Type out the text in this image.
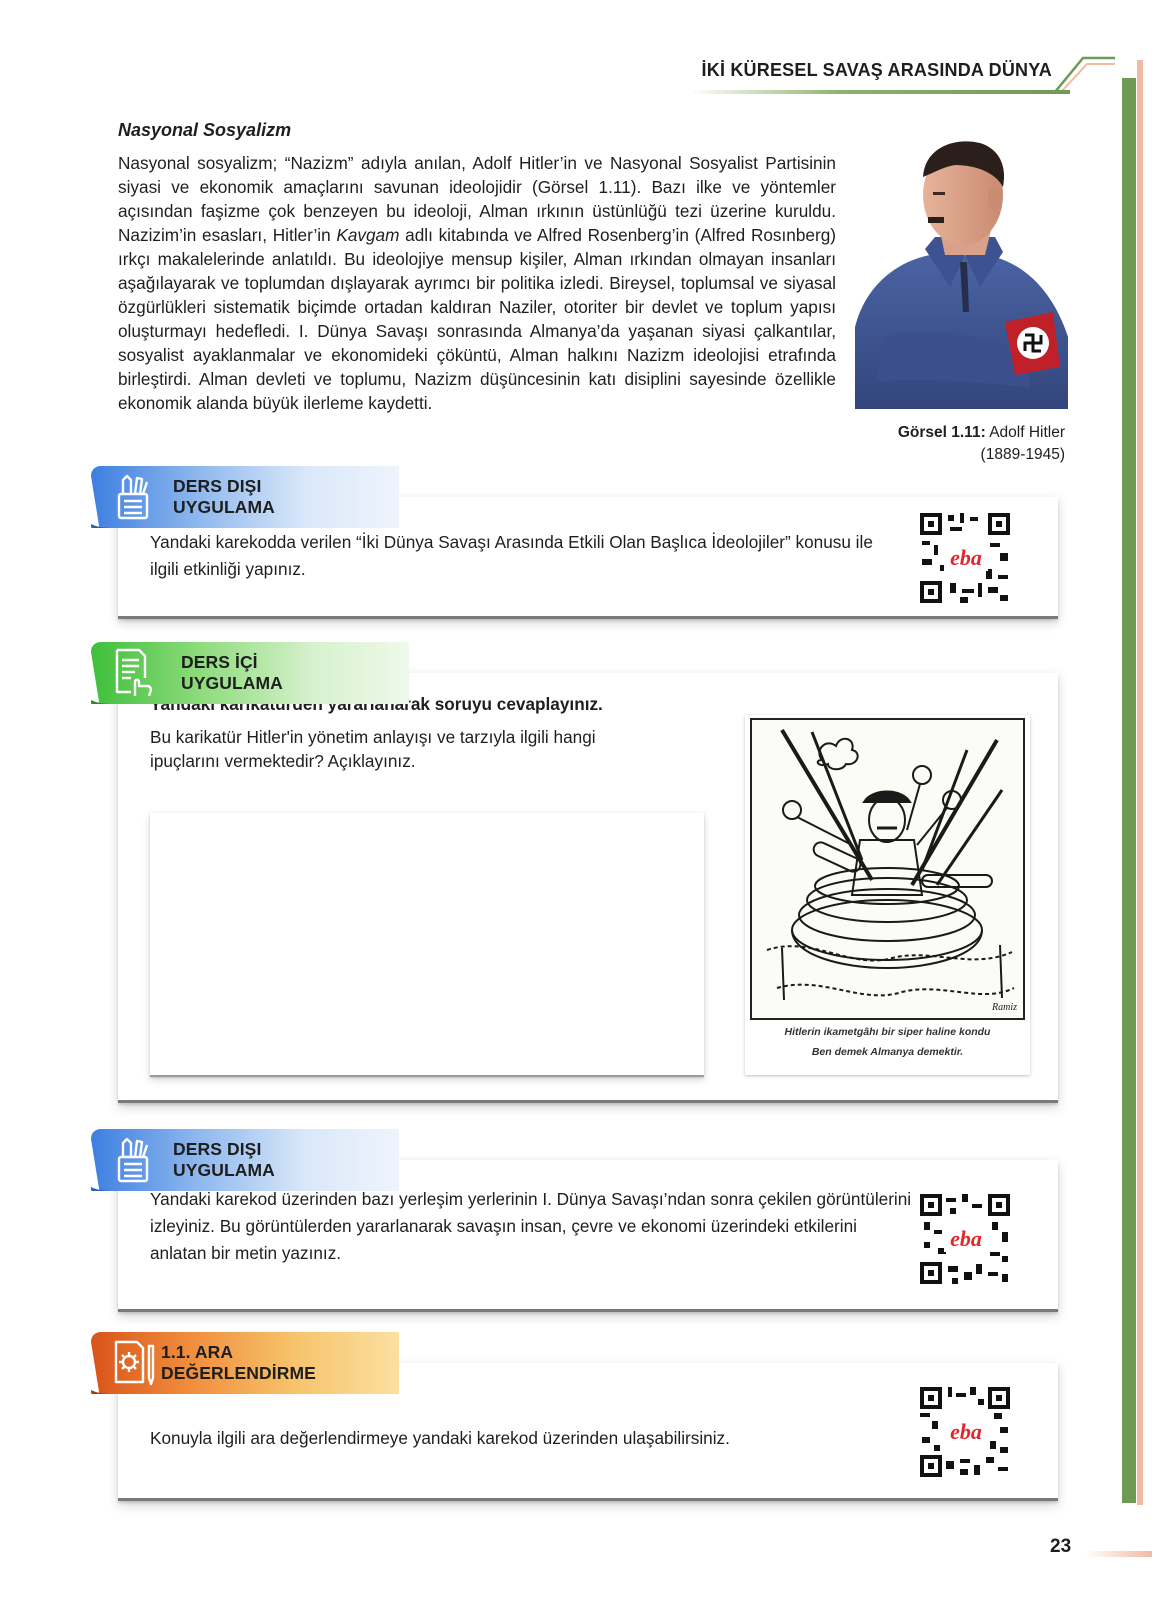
İKİ KÜRESEL SAVAŞ ARASINDA DÜNYA
Nasyonal Sosyalizm

Nasyonal sosyalizm; “Nazizm” adıyla anılan, Adolf Hitler’in ve Nasyonal Sosyalist Partisinin siyasi ve ekonomik amaçlarını savunan ideolojidir (Görsel 1.11). Bazı ilke ve yöntemler açısından faşizme çok benzeyen bu ideoloji, Alman ırkının üstünlüğü tezi üzerine kuruldu. Nazizim’in esasları, Hitler’in Kavgam adlı kitabında ve Alfred Rosenberg’in (Alfred Rosınberg) ırkçı makalelerinde anlatıldı. Bu ideolojiye mensup kişiler, Alman ırkından olmayan insanları aşağılayarak ve toplumdan dışlayarak ayrımcı bir politika izledi. Bireysel, toplumsal ve siyasal özgürlükleri sistematik biçimde ortadan kaldıran Naziler, otoriter bir devlet ve toplum yapısı oluşturmayı hedefledi. I. Dünya Savaşı sonrasında Almanya’da yaşanan siyasi çalkantılar, sosyalist ayaklanmalar ve ekonomideki çöküntü, Alman halkını Nazizm ideolojisi etrafında birleştirdi. Alman devleti ve toplumu, Nazizm düşüncesinin katı disiplini sayesinde özellikle ekonomik alanda büyük ilerleme kaydetti.

Görsel 1.11: Adolf Hitler
(1889-1945)
Yandaki karekodda verilen “İki Dünya Savaşı Arasında Etkili Olan Başlıca İdeolojiler” konusu ile ilgili etkinliği yapınız.	eba
DERS DIŞI UYGULAMA
Yandaki karikatürden yararlanarak soruyu cevaplayınız.
Bu karikatür Hitler'in yönetim anlayışı ve tarzıyla ilgili hangi ipuçlarını vermektedir? Açıklayınız.
Ramiz
Hitlerin ikametgâhı bir siper haline kondu
Ben demek Almanya demektir.
DERS İÇİ UYGULAMA
Yandaki karekod üzerinden bazı yerleşim yerlerinin I. Dünya Savaşı’ndan sonra çekilen görüntülerini izleyiniz. Bu görüntülerden yararlanarak savaşın insan, çevre ve ekonomi üzerindeki etkilerini anlatan bir metin yazınız.
eba
DERS DIŞI UYGULAMA
Konuyla ilgili ara değerlendirmeye yandaki karekod üzerinden ulaşabilirsiniz.	eba
1.1. ARA DEĞERLENDİRME
23
